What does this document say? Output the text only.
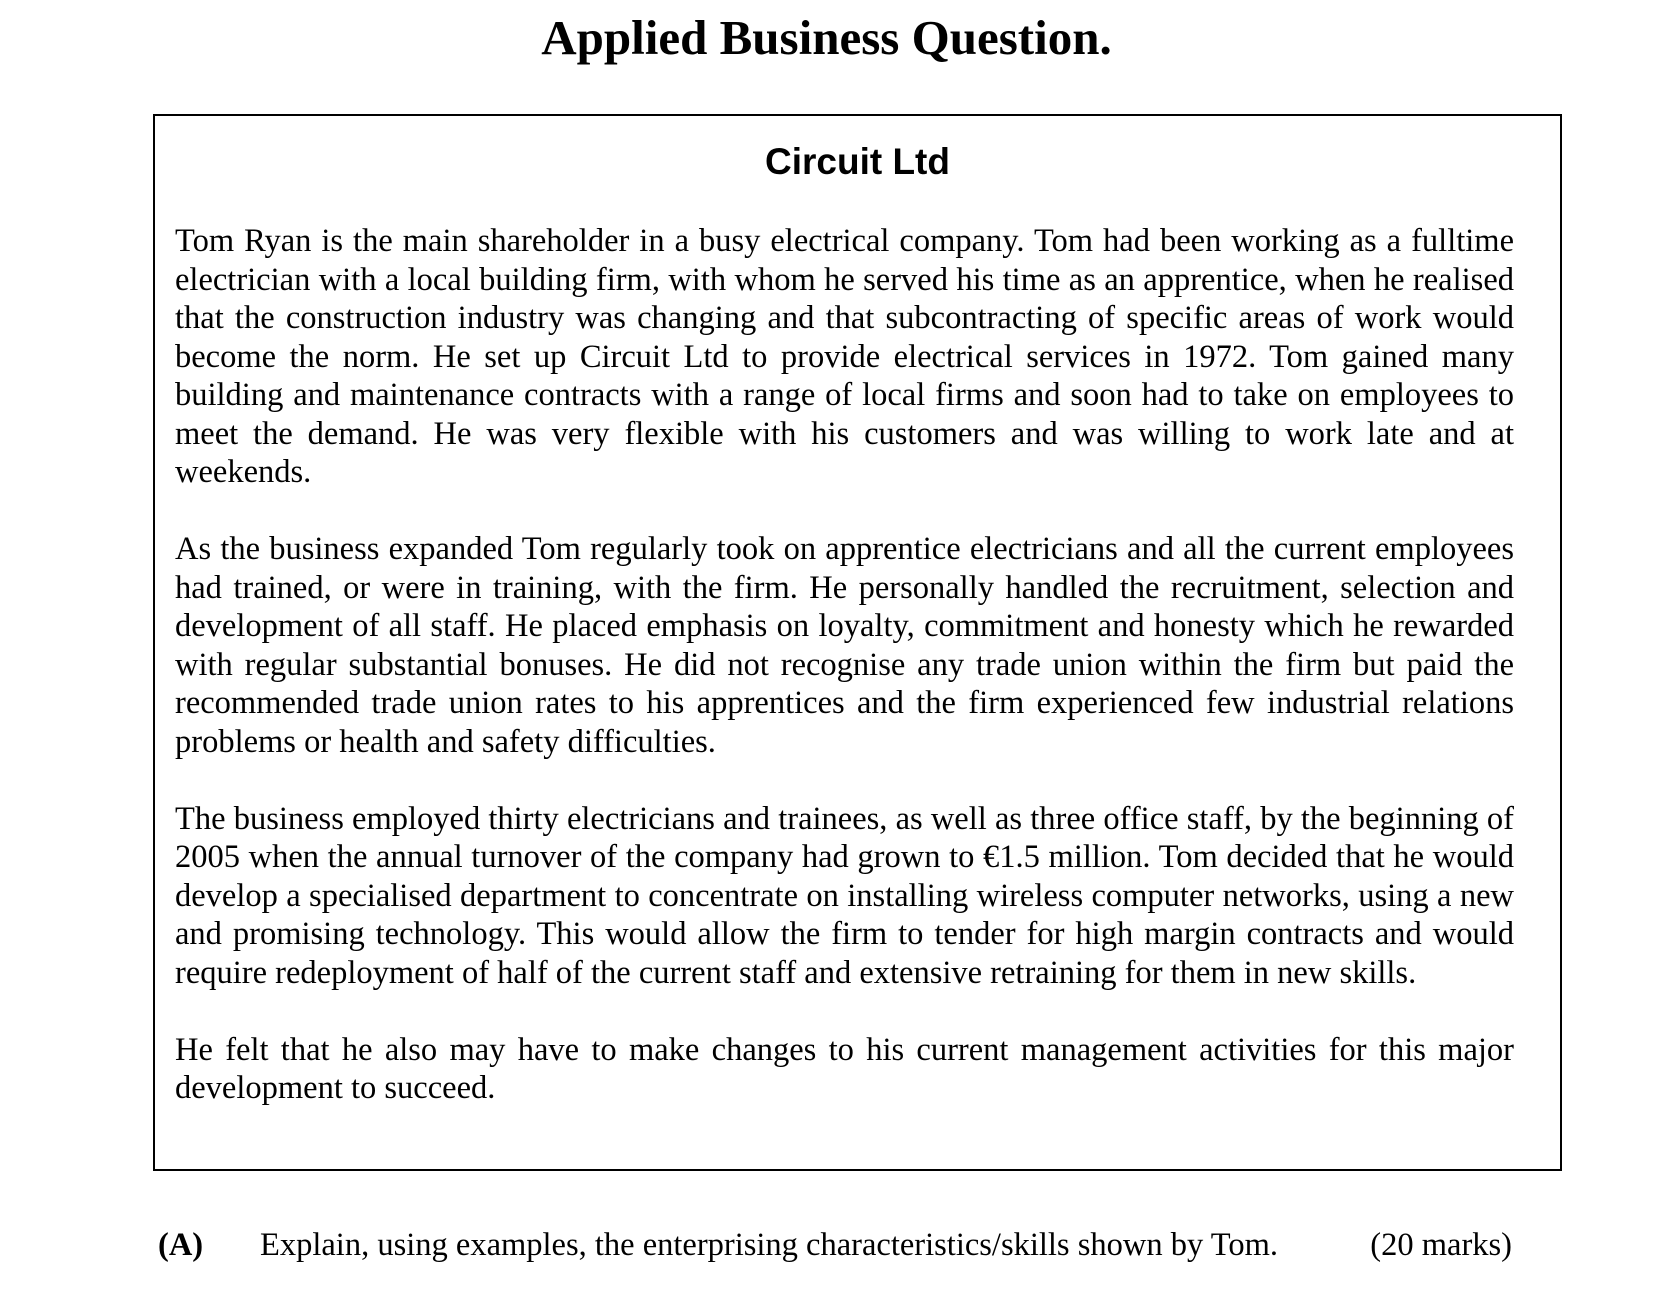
Applied Business Question.
Circuit Ltd

Tom Ryan is the main shareholder in a busy electrical company. Tom had been working as a fulltime electrician with a local building firm, with whom he served his time as an apprentice, when he realised that the construction industry was changing and that subcontracting of specific areas of work would become the norm. He set up Circuit Ltd to provide electrical services in 1972. Tom gained many building and maintenance contracts with a range of local firms and soon had to take on employees to meet the demand. He was very flexible with his customers and was willing to work late and at weekends.

As the business expanded Tom regularly took on apprentice electricians and all the current employees had trained, or were in training, with the firm. He personally handled the recruitment, selection and development of all staff. He placed emphasis on loyalty, commitment and honesty which he rewarded with regular substantial bonuses. He did not recognise any trade union within the firm but paid the recommended trade union rates to his apprentices and the firm experienced few industrial relations problems or health and safety difficulties.

The business employed thirty electricians and trainees, as well as three office staff, by the beginning of 2005 when the annual turnover of the company had grown to €1.5 million. Tom decided that he would develop a specialised department to concentrate on installing wireless computer networks, using a new and promising technology. This would allow the firm to tender for high margin contracts and would require redeployment of half of the current staff and extensive retraining for them in new skills.

He felt that he also may have to make changes to his current management activities for this major development to succeed.

(A) Explain, using examples, the enterprising characteristics/skills shown by Tom.	(20 marks)
